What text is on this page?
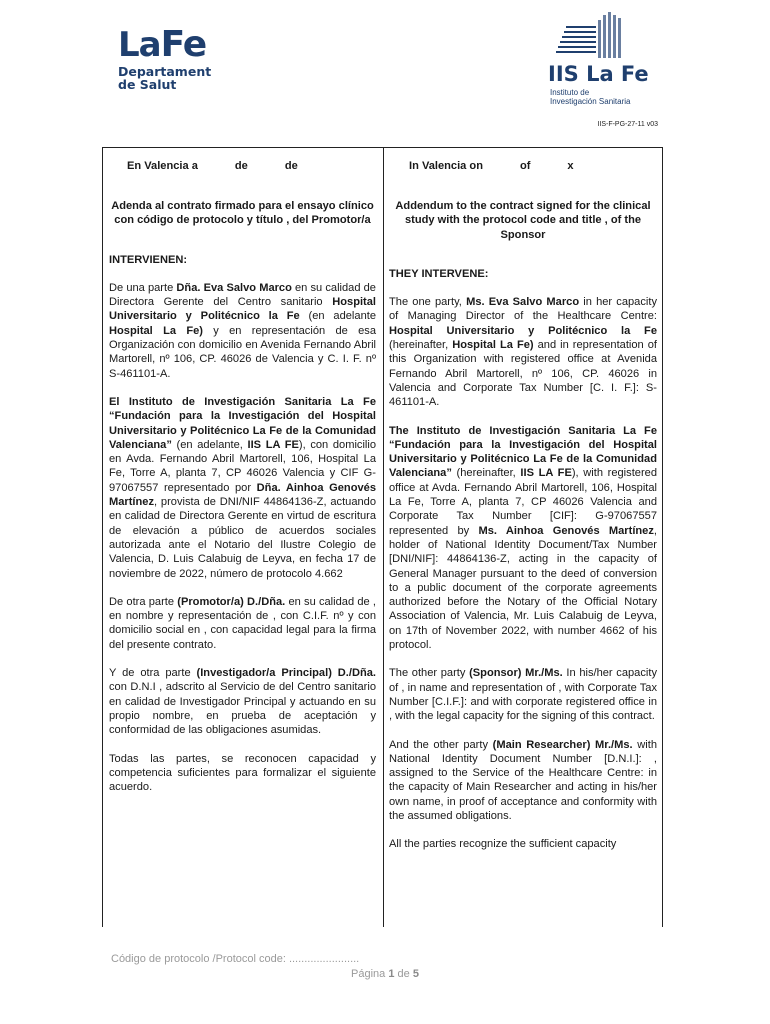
LaFe
Departament
de Salut	IIS La Fe
Instituto de
Investigación Sanitaria
IIS-F-PG-27-11 v03
En Valencia a            de            de
Adenda al contrato firmado para el ensayo clínico con código de protocolo y título , del Promotor/a
INTERVIENEN:

De una parte Dña. Eva Salvo Marco en su calidad de Directora Gerente del Centro sanitario Hospital Universitario y Politécnico la Fe (en adelante Hospital La Fe) y en representación de esa Organización con domicilio en Avenida Fernando Abril Martorell, nº 106, CP. 46026 de Valencia y C. I. F. nº S-461101-A.

El Instituto de Investigación Sanitaria La Fe “Fundación para la Investigación del Hospital Universitario y Politécnico La Fe de la Comunidad Valenciana” (en adelante, IIS LA FE), con domicilio en Avda. Fernando Abril Martorell, 106, Hospital La Fe, Torre A, planta 7, CP 46026 Valencia y CIF G-97067557 representado por Dña. Ainhoa Genovés Martínez, provista de DNI/NIF 44864136-Z, actuando en calidad de Directora Gerente en virtud de escritura de elevación a público de acuerdos sociales autorizada ante el Notario del Ilustre Colegio de Valencia, D. Luis Calabuig de Leyva, en fecha 17 de noviembre de 2022, número de protocolo 4.662

De otra parte (Promotor/a) D./Dña. en su calidad de , en nombre y representación de , con C.I.F. nº y con domicilio social en , con capacidad legal para la firma del presente contrato.

Y de otra parte (Investigador/a Principal) D./Dña. con D.N.I , adscrito al Servicio de del Centro sanitario en calidad de Investigador Principal y actuando en su propio nombre, en prueba de aceptación y conformidad de las obligaciones asumidas.

Todas las partes, se reconocen capacidad y competencia suficientes para formalizar el siguiente acuerdo.

In Valencia on            of            x
Addendum to the contract signed for the clinical study with the protocol code and title , of the Sponsor
THEY INTERVENE:

The one party, Ms. Eva Salvo Marco in her capacity of Managing Director of the Healthcare Centre: Hospital Universitario y Politécnico la Fe (hereinafter, Hospital La Fe) and in representation of this Organization with registered office at Avenida Fernando Abril Martorell, nº 106, CP. 46026 in Valencia and Corporate Tax Number [C. I. F.]: S-461101-A.

The Instituto de Investigación Sanitaria La Fe “Fundación para la Investigación del Hospital Universitario y Politécnico La Fe de la Comunidad Valenciana” (hereinafter, IIS LA FE), with registered office at Avda. Fernando Abril Martorell, 106, Hospital La Fe, Torre A, planta 7, CP 46026 Valencia and Corporate Tax Number [CIF]: G-97067557 represented by Ms. Ainhoa Genovés Martínez, holder of National Identity Document/Tax Number [DNI/NIF]: 44864136-Z, acting in the capacity of General Manager pursuant to the deed of conversion to a public document of the corporate agreements authorized before the Notary of the Official Notary Association of Valencia, Mr. Luis Calabuig de Leyva, on 17th of November 2022, with number 4662 of his protocol.

The other party (Sponsor) Mr./Ms. In his/her capacity of , in name and representation of , with Corporate Tax Number [C.I.F.]: and with corporate registered office in , with the legal capacity for the signing of this contract.

And the other party (Main Researcher) Mr./Ms. with National Identity Document Number [D.N.I.]: , assigned to the Service of the Healthcare Centre: in the capacity of Main Researcher and acting in his/her own name, in proof of acceptance and conformity with the assumed obligations.

All the parties recognize the sufficient capacity

Código de protocolo /Protocol code: .......................
Página 1 de 5
